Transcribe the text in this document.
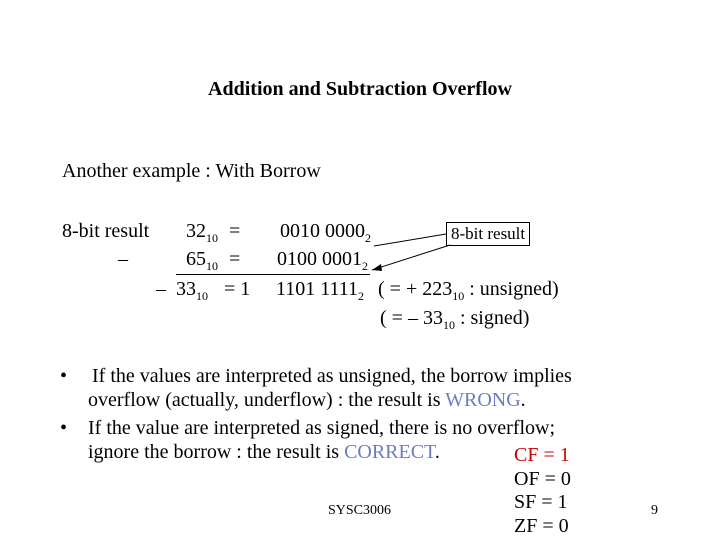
Addition and Subtraction Overflow
Another example : With Borrow
8-bit result $32_{10} = 0010$ $0000_2$
–	$65_{10} = 0100$ $0001_2$
– $33_{10} = 1$ 1101 $1111_2$ ( = + $223_{10}$ : unsigned)
( = – $33_{10}$ : signed)
8-bit result
• If the values are interpreted as unsigned, the borrow implies
overflow (actually, underflow) : the result is WRONG.
• If the value are interpreted as signed, there is no overflow;
ignore the borrow : the result is CORRECT.	CF = 1
OF = 0
SF = 1
ZF = 0
SYSC3006	9
